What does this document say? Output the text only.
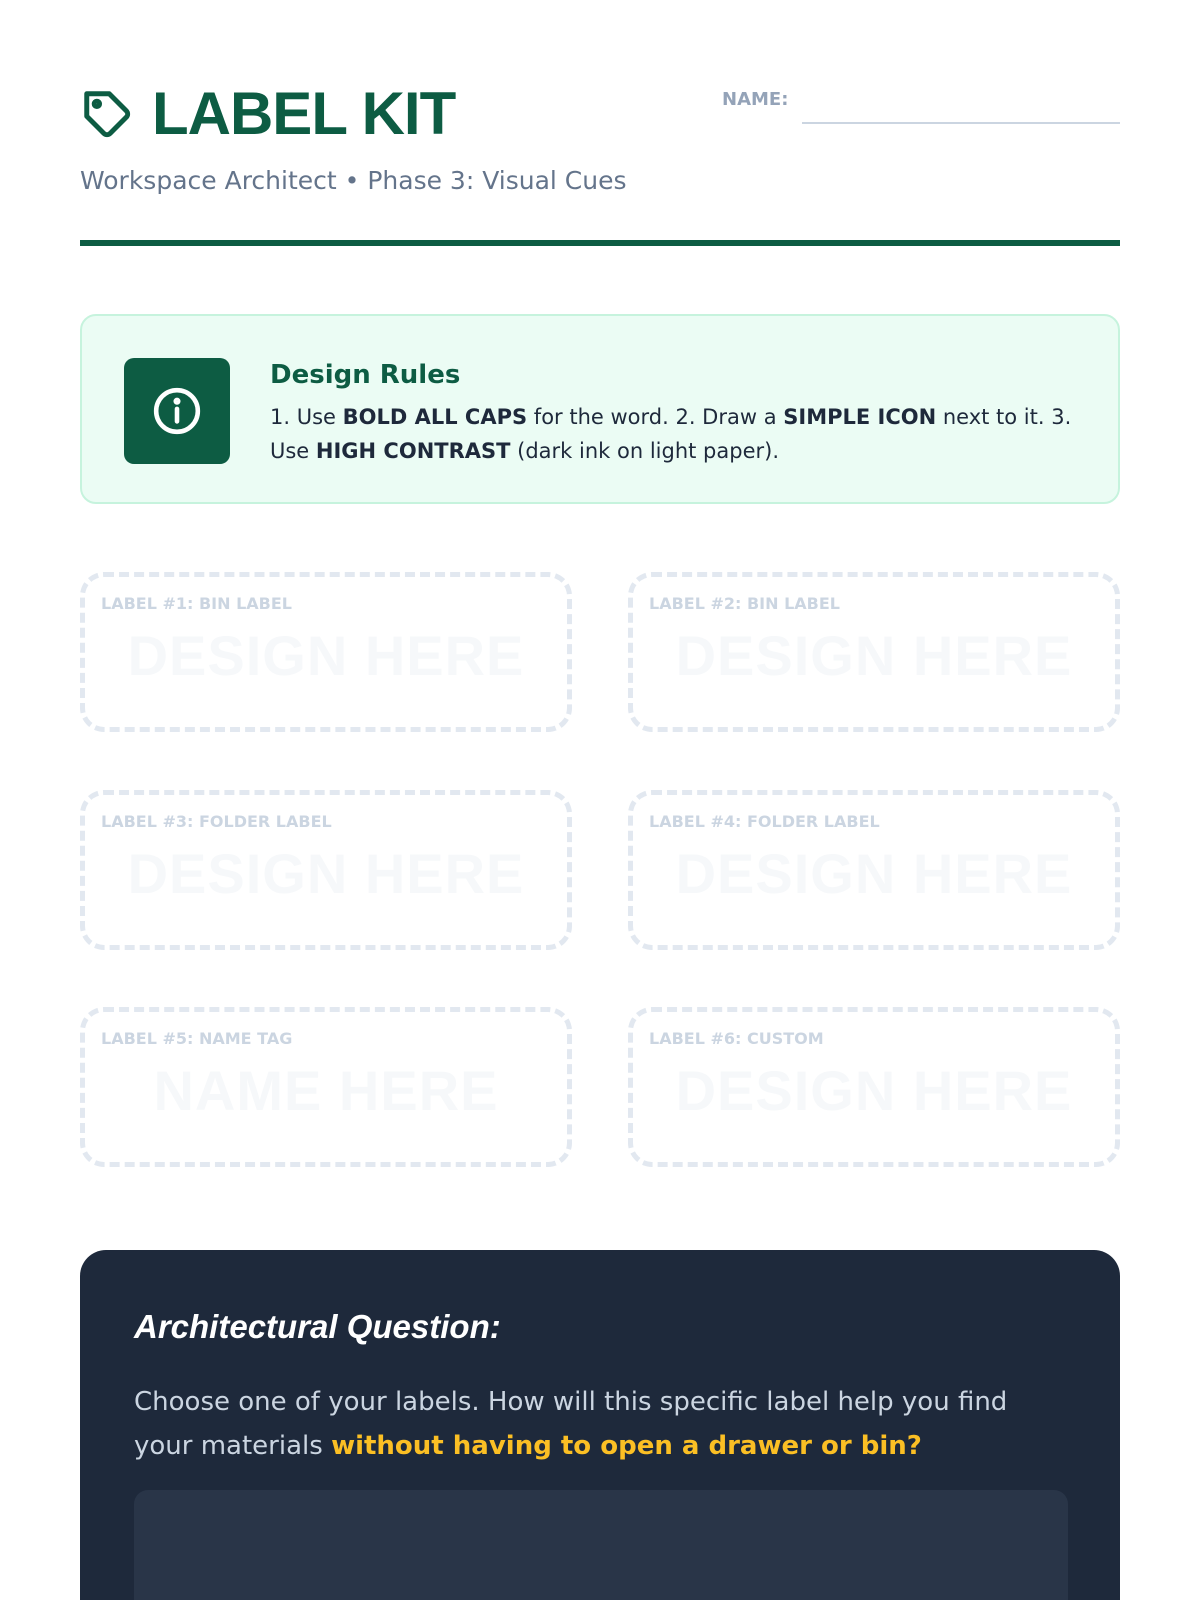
LABEL KIT
Workspace Architect • Phase 3: Visual Cues
NAME:
Design Rules
1. Use BOLD ALL CAPS for the word. 2. Draw a SIMPLE ICON next to it. 3. Use HIGH CONTRAST (dark ink on light paper).
LABEL #1: BIN LABEL
DESIGN HERE
LABEL #2: BIN LABEL
DESIGN HERE
LABEL #3: FOLDER LABEL
DESIGN HERE
LABEL #4: FOLDER LABEL
DESIGN HERE
LABEL #5: NAME TAG
NAME HERE
LABEL #6: CUSTOM
DESIGN HERE
Architectural Question:
Choose one of your labels. How will this specific label help you find your materials without having to open a drawer or bin?
